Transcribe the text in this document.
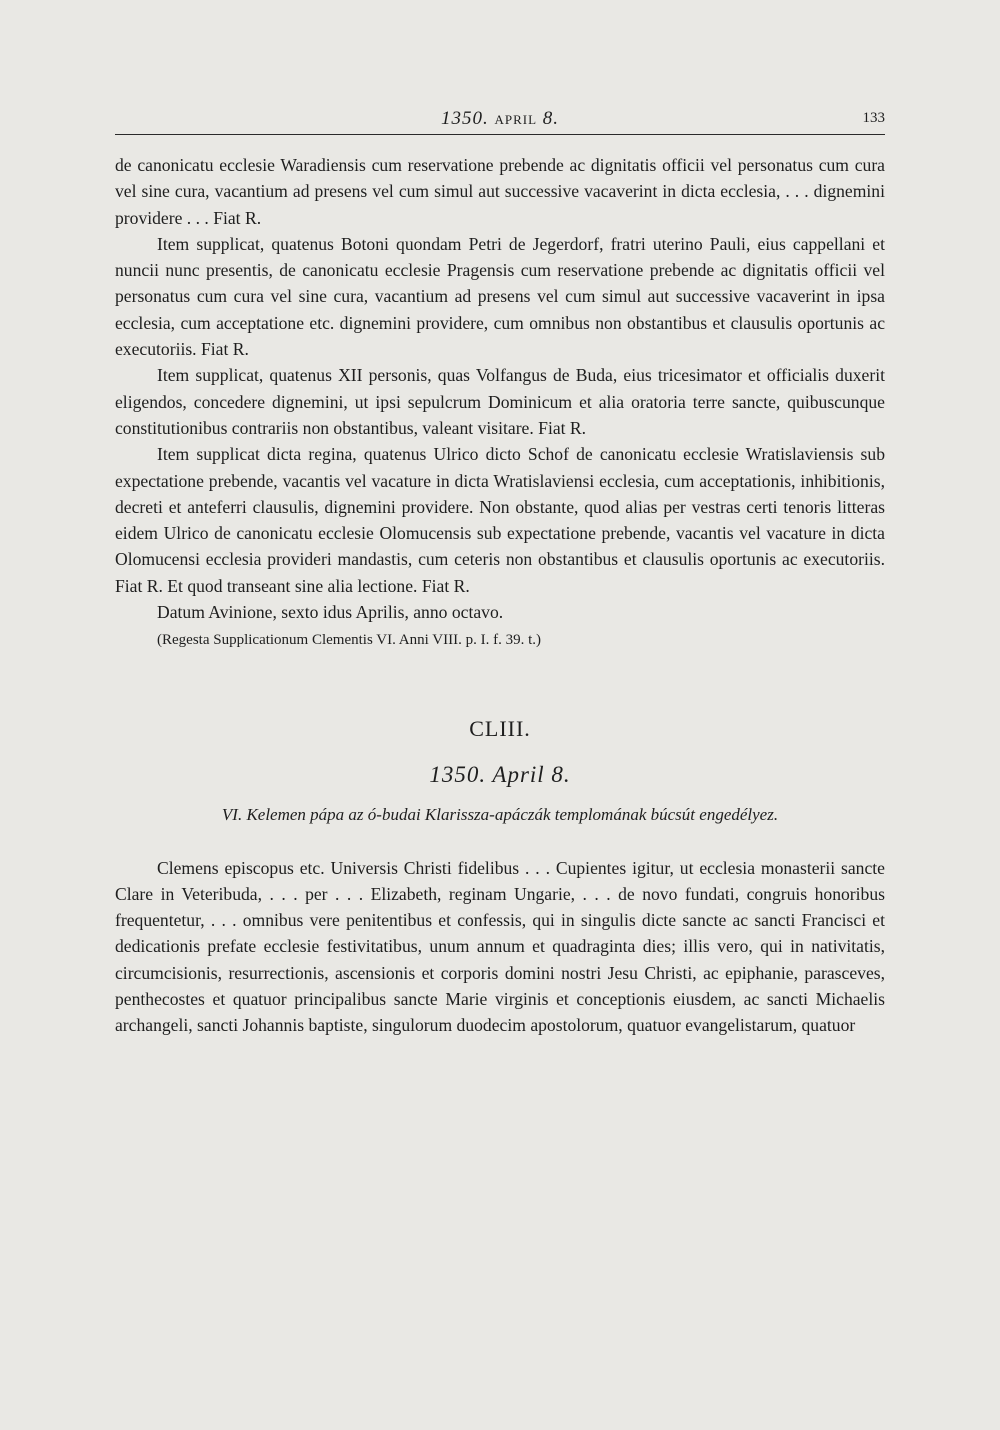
1350. APRIL 8.	133

de canonicatu ecclesie Waradiensis cum reservatione prebende ac dignitatis officii vel personatus cum cura vel sine cura, vacantium ad presens vel cum simul aut successive vacaverint in dicta ecclesia, . . . dignemini providere . . . Fiat R.

Item supplicat, quatenus Botoni quondam Petri de Jegerdorf, fratri uterino Pauli, eius cappellani et nuncii nunc presentis, de canonicatu ecclesie Pragensis cum reservatione prebende ac dignitatis officii vel personatus cum cura vel sine cura, vacantium ad presens vel cum simul aut successive vacaverint in ipsa ecclesia, cum acceptatione etc. dignemini providere, cum omnibus non obstantibus et clausulis oportunis ac executoriis. Fiat R.

Item supplicat, quatenus XII personis, quas Volfangus de Buda, eius tricesimator et officialis duxerit eligendos, concedere dignemini, ut ipsi sepulcrum Dominicum et alia oratoria terre sancte, quibuscunque constitutionibus contrariis non obstantibus, valeant visitare. Fiat R.

Item supplicat dicta regina, quatenus Ulrico dicto Schof de canonicatu ecclesie Wratislaviensis sub expectatione prebende, vacantis vel vacature in dicta Wratislaviensi ecclesia, cum acceptationis, inhibitionis, decreti et anteferri clausulis, dignemini providere. Non obstante, quod alias per vestras certi tenoris litteras eidem Ulrico de canonicatu ecclesie Olomucensis sub expectatione prebende, vacantis vel vacature in dicta Olomucensi ecclesia provideri mandastis, cum ceteris non obstantibus et clausulis oportunis ac executoriis. Fiat R. Et quod transeant sine alia lectione. Fiat R.

Datum Avinione, sexto idus Aprilis, anno octavo.

(Regesta Supplicationum Clementis VI. Anni VIII. p. I. f. 39. t.)

CLIII.
1350. April 8.
VI. Kelemen pápa az ó-budai Klarissza-apáczák templomának búcsút engedélyez.

Clemens episcopus etc. Universis Christi fidelibus . . . Cupientes igitur, ut ecclesia monasterii sancte Clare in Veteribuda, . . . per . . . Elizabeth, reginam Ungarie, . . . de novo fundati, congruis honoribus frequentetur, . . . omnibus vere penitentibus et confessis, qui in singulis dicte sancte ac sancti Francisci et dedicationis prefate ecclesie festivitatibus, unum annum et quadraginta dies; illis vero, qui in nativitatis, circumcisionis, resurrectionis, ascensionis et corporis domini nostri Jesu Christi, ac epiphanie, parasceves, penthecostes et quatuor principalibus sancte Marie virginis et conceptionis eiusdem, ac sancti Michaelis archangeli, sancti Johannis baptiste, singulorum duodecim apostolorum, quatuor evangelistarum, quatuor
